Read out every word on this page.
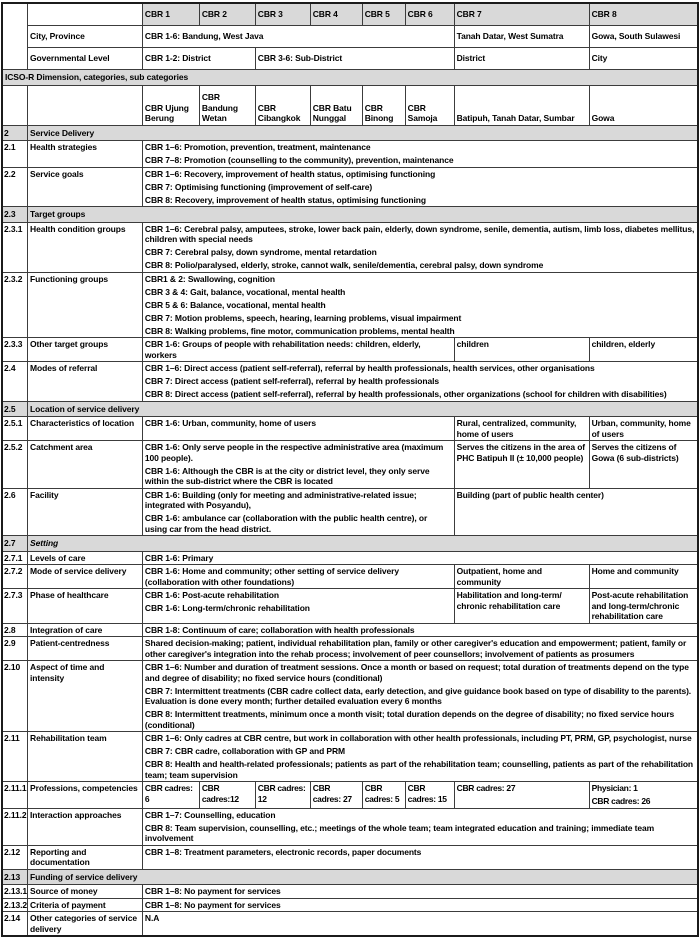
		CBR 1	CBR 2	CBR 3	CBR 4	CBR 5	CBR 6	CBR 7	CBR 8
	City, Province	CBR 1-6: Bandung, West Java						Tanah Datar, West Sumatra	Gowa, South Sulawesi
	Governmental Level	CBR 1-2: District		CBR 3-6: Sub-District				District	City
ICSO-R Dimension, categories, sub categories									
		CBR Ujung Berung	CBR Bandung Wetan	CBR Cibangkok	CBR Batu Nunggal	CBR Binong	CBR Samoja	Batipuh, Tanah Datar, Sumbar	Gowa
2	Service Delivery								
2.1	Health strategies	CBR 1–6: Promotion, prevention, treatment, maintenance

CBR 7–8: Promotion (counselling to the community), prevention, maintenance							

2.2	Service goals	CBR 1–6: Recovery, improvement of health status, optimising functioning

CBR 7: Optimising functioning (improvement of self-care)

CBR 8: Recovery, improvement of health status, optimising functioning							

2.3	Target groups								
2.3.1	Health condition groups	CBR 1–6: Cerebral palsy, amputees, stroke, lower back pain, elderly, down syndrome, senile, dementia, autism, limb loss, diabetes mellitus, children with special needs

CBR 7: Cerebral palsy, down syndrome, mental retardation

CBR 8: Polio/paralysed, elderly, stroke, cannot walk, senile/dementia, cerebral palsy, down syndrome							

2.3.2	Functioning groups	CBR1 & 2: Swallowing, cognition

CBR 3 & 4: Gait, balance, vocational, mental health

CBR 5 & 6: Balance, vocational, mental health

CBR 7: Motion problems, speech, hearing, learning problems, visual impairment

CBR 8: Walking problems, fine motor, communication problems, mental health							

2.3.3	Other target groups	CBR 1-6: Groups of people with rehabilitation needs: children, elderly, workers						children	children, elderly
2.4	Modes of referral	CBR 1–6: Direct access (patient self-referral), referral by health professionals, health services, other organisations

CBR 7: Direct access (patient self-referral), referral by health professionals

CBR 8: Direct access (patient self-referral), referral by health professionals, other organizations (school for children with disabilities)							

2.5	Location of service delivery								
2.5.1	Characteristics of location	CBR 1-6: Urban, community, home of users						Rural, centralized, community, home of users	Urban, community, home of users
2.5.2	Catchment area	CBR 1-6: Only serve people in the respective administrative area (maximum 100 people).

CBR 1-6: Although the CBR is at the city or district level, they only serve within the sub-district where the CBR is located						Serves the citizens in the area of PHC Batipuh II (± 10,000 people)	Serves the citizens of Gowa (6 sub-districts)
2.6	Facility	CBR 1-6: Building (only for meeting and administrative-related issue; integrated with Posyandu),

CBR 1-6: ambulance car (collaboration with the public health centre), or using car from the head district.						Building (part of public health center)	
2.7	Setting								
2.7.1	Levels of care	CBR 1-6: Primary							

2.7.2	Mode of service delivery	CBR 1-6: Home and community; other setting of service delivery (collaboration with other foundations)						Outpatient, home and community	Home and community
2.7.3	Phase of healthcare	CBR 1-6: Post-acute rehabilitation

CBR 1-6: Long-term/chronic rehabilitation						Habilitation and long-term/ chronic rehabilitation care	Post-acute rehabilitation and long-term/chronic rehabilitation care
2.8	Integration of care	CBR 1-8: Continuum of care; collaboration with health professionals							

2.9	Patient-centredness	Shared decision-making; patient, individual rehabilitation plan, family or other caregiver's education and empowerment; patient, family or other caregiver's integration into the rehab process; involvement of peer counsellors; involvement of patients as prosumers							

2.10	Aspect of time and intensity	CBR 1–6: Number and duration of treatment sessions. Once a month or based on request; total duration of treatments depend on the type and degree of disability; no fixed service hours (conditional)

CBR 7: Intermittent treatments (CBR cadre collect data, early detection, and give guidance book based on type of disability to the parents). Evaluation is done every month; further detailed evaluation every 6 months

CBR 8: Intermittent treatments, minimum once a month visit; total duration depends on the degree of disability; no fixed service hours (conditional)							

2.11	Rehabilitation team	CBR 1–6: Only cadres at CBR centre, but work in collaboration with other health professionals, including PT, PRM, GP, psychologist, nurse

CBR 7: CBR cadre, collaboration with GP and PRM

CBR 8: Health and health-related professionals; patients as part of the rehabilitation team; counselling, patients as part of the rehabilitation team; team supervision							

2.11.1	Professions, competencies	CBR cadres: 6	CBR cadres:12	CBR cadres: 12	CBR cadres: 27	CBR cadres: 5	CBR cadres: 15	CBR cadres: 27	Physician: 1

CBR cadres: 26

2.11.2	Interaction approaches	CBR 1–7: Counselling, education

CBR 8: Team supervision, counselling, etc.; meetings of the whole team; team integrated education and training; immediate team involvement							

2.12	Reporting and documentation	CBR 1–8: Treatment parameters, electronic records, paper documents							

2.13	Funding of service delivery								
2.13.1	Source of money	CBR 1–8: No payment for services							

2.13.2	Criteria of payment	CBR 1–8: No payment for services							

2.14	Other categories of service delivery	N.A							
